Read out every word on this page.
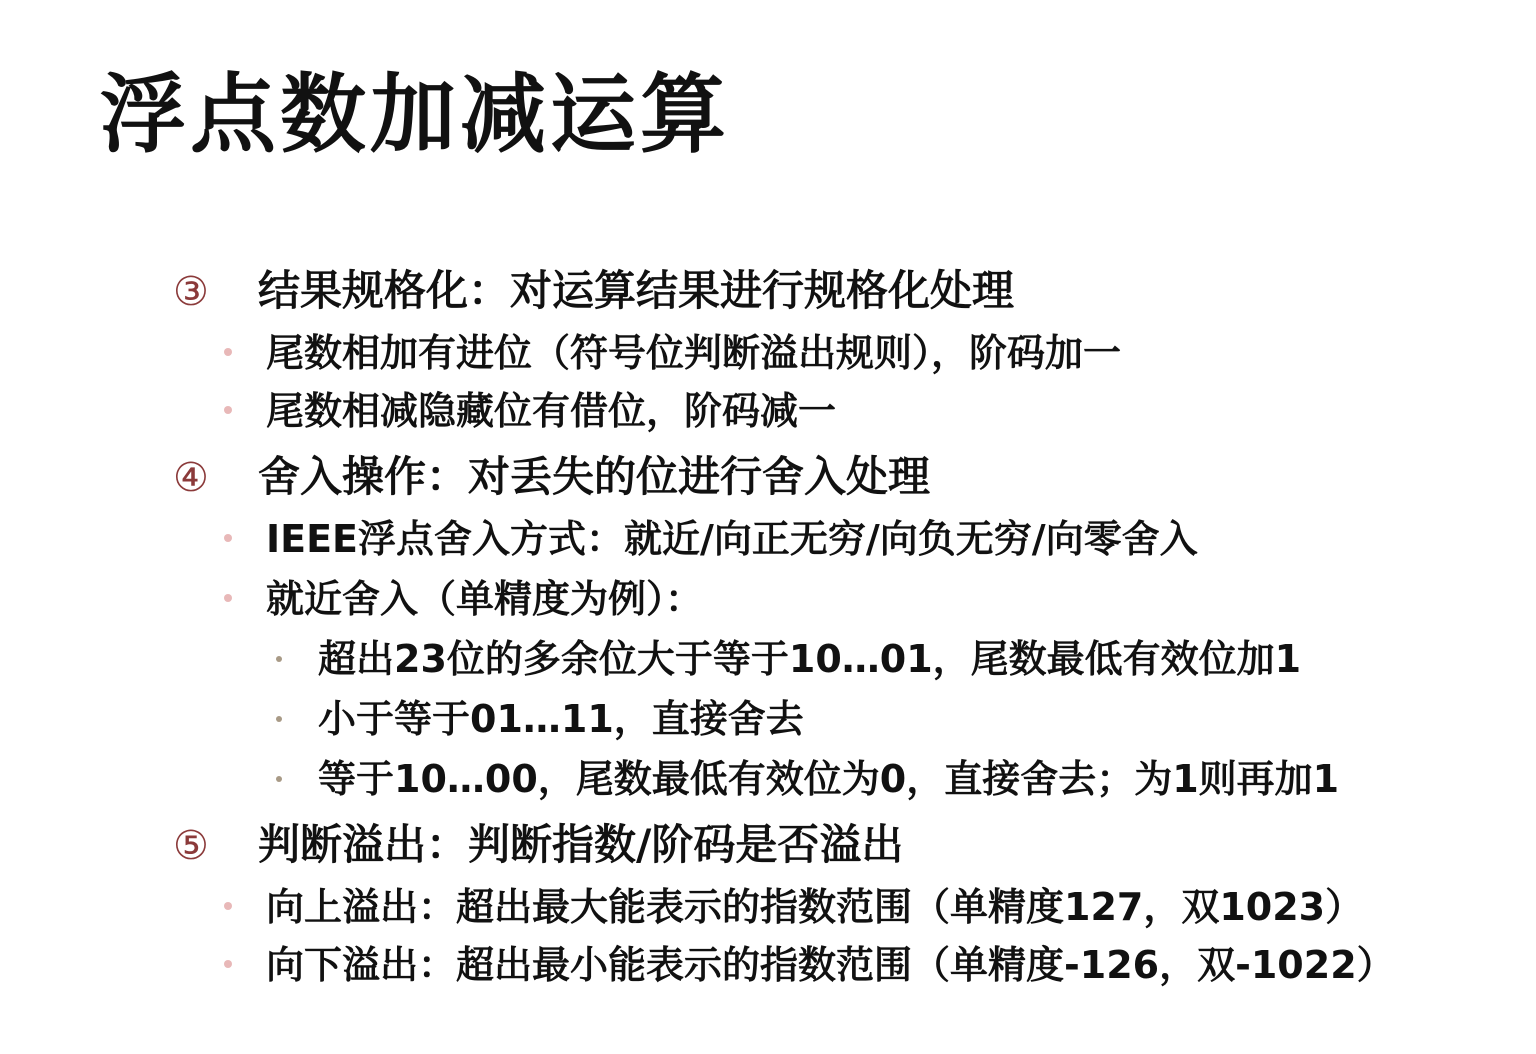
浮点数加减运算
③ 结果规格化：对运算结果进行规格化处理
尾数相加有进位（符号位判断溢出规则），阶码加一
尾数相减隐藏位有借位，阶码减一
④ 舍入操作：对丢失的位进行舍入处理
IEEE浮点舍入方式：就近/向正无穷/向负无穷/向零舍入
就近舍入（单精度为例）：
超出23位的多余位大于等于10…01，尾数最低有效位加1
小于等于01…11，直接舍去
等于10…00，尾数最低有效位为0，直接舍去；为1则再加1
⑤ 判断溢出：判断指数/阶码是否溢出
向上溢出：超出最大能表示的指数范围（单精度127，双1023）
向下溢出：超出最小能表示的指数范围（单精度-126，双-1022）
